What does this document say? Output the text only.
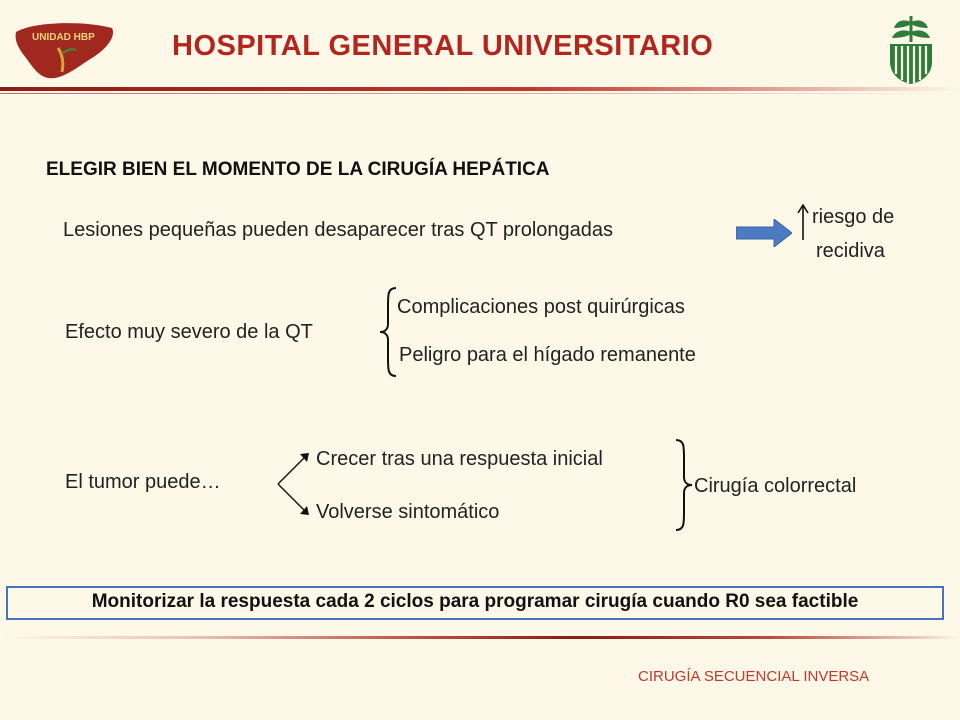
UNIDAD HBP	HOSPITAL GENERAL UNIVERSITARIO
ELEGIR BIEN EL MOMENTO DE LA CIRUGÍA HEPÁTICA
Lesiones pequeñas pueden desaparecer tras QT prolongadas
riesgo de
recidiva
Efecto muy severo de la QT
Complicaciones post quirúrgicas
Peligro para el hígado remanente
El tumor puede…
Crecer tras una respuesta inicial
Volverse sintomático
Cirugía colorrectal
Monitorizar la respuesta cada 2 ciclos para programar cirugía cuando R0 sea factible
CIRUGÍA SECUENCIAL INVERSA
